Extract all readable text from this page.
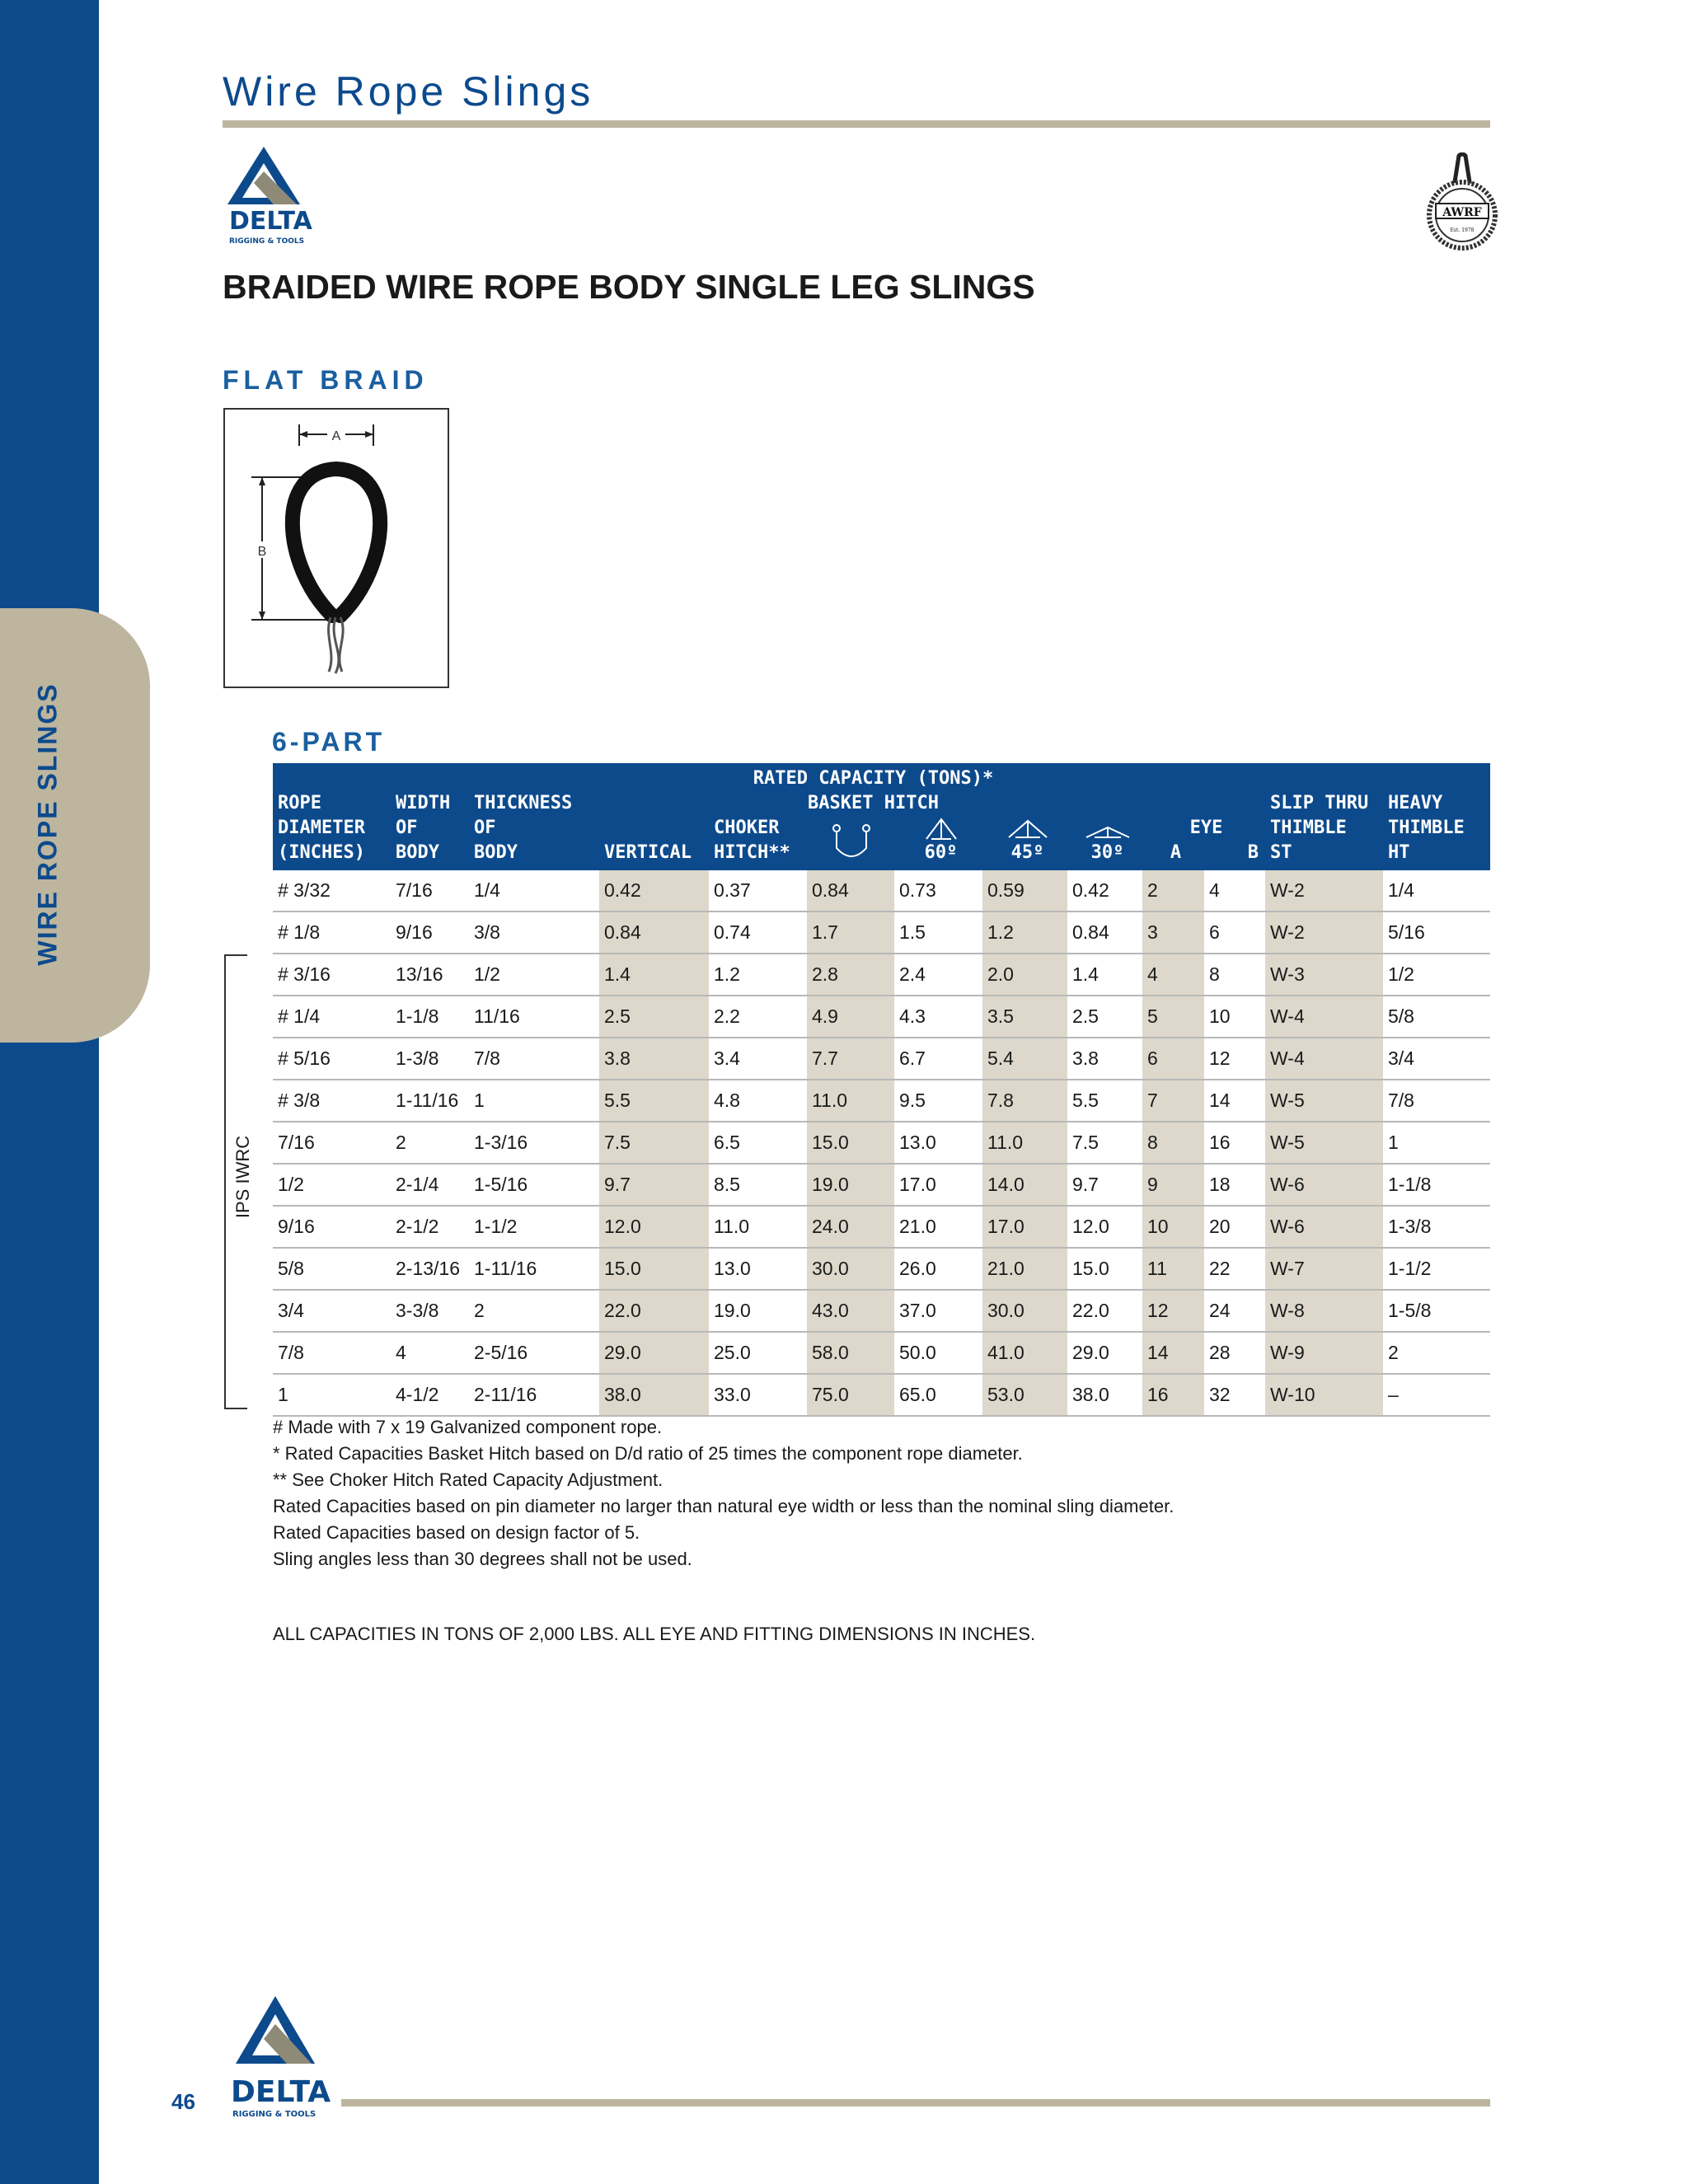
WIRE ROPE SLINGS
Wire Rope Slings
DELTA
RIGGING & TOOLS
AWRF
Est. 1978
BRAIDED WIRE ROPE BODY SINGLE LEG SLINGS
FLAT BRAID
A
B
6-PART
IPS IWRC
			RATED CAPACITY (TONS)*									
ROPE	WIDTH	THICKNESS	BASKET HITCH								SLIP THRU	HEAVY
DIAMETER	OF	OF		CHOKER					EYE		THIMBLE	THIMBLE
(INCHES)	BODY	BODY	VERTICAL	HITCH**		60º	45º	30º	A	B	ST	HT
# 3/32	7/16	1/4	0.42	0.37	0.84	0.73	0.59	0.42	2	4	W-2	1/4
# 1/8	9/16	3/8	0.84	0.74	1.7	1.5	1.2	0.84	3	6	W-2	5/16
# 3/16	13/16	1/2	1.4	1.2	2.8	2.4	2.0	1.4	4	8	W-3	1/2
# 1/4	1-1/8	11/16	2.5	2.2	4.9	4.3	3.5	2.5	5	10	W-4	5/8
# 5/16	1-3/8	7/8	3.8	3.4	7.7	6.7	5.4	3.8	6	12	W-4	3/4
# 3/8	1-11/16	1	5.5	4.8	11.0	9.5	7.8	5.5	7	14	W-5	7/8
7/16	2	1-3/16	7.5	6.5	15.0	13.0	11.0	7.5	8	16	W-5	1
1/2	2-1/4	1-5/16	9.7	8.5	19.0	17.0	14.0	9.7	9	18	W-6	1-1/8
9/16	2-1/2	1-1/2	12.0	11.0	24.0	21.0	17.0	12.0	10	20	W-6	1-3/8
5/8	2-13/16	1-11/16	15.0	13.0	30.0	26.0	21.0	15.0	11	22	W-7	1-1/2
3/4	3-3/8	2	22.0	19.0	43.0	37.0	30.0	22.0	12	24	W-8	1-5/8
7/8	4	2-5/16	29.0	25.0	58.0	50.0	41.0	29.0	14	28	W-9	2
1	4-1/2	2-11/16	38.0	33.0	75.0	65.0	53.0	38.0	16	32	W-10	–
# Made with 7 x 19 Galvanized component rope.
* Rated Capacities Basket Hitch based on D/d ratio of 25 times the component rope diameter.
** See Choker Hitch Rated Capacity Adjustment.
Rated Capacities based on pin diameter no larger than natural eye width or less than the nominal sling diameter.
Rated Capacities based on design factor of 5.
Sling angles less than 30 degrees shall not be used.
ALL CAPACITIES IN TONS OF 2,000 LBS. ALL EYE AND FITTING DIMENSIONS IN INCHES.
DELTA
RIGGING & TOOLS
46
